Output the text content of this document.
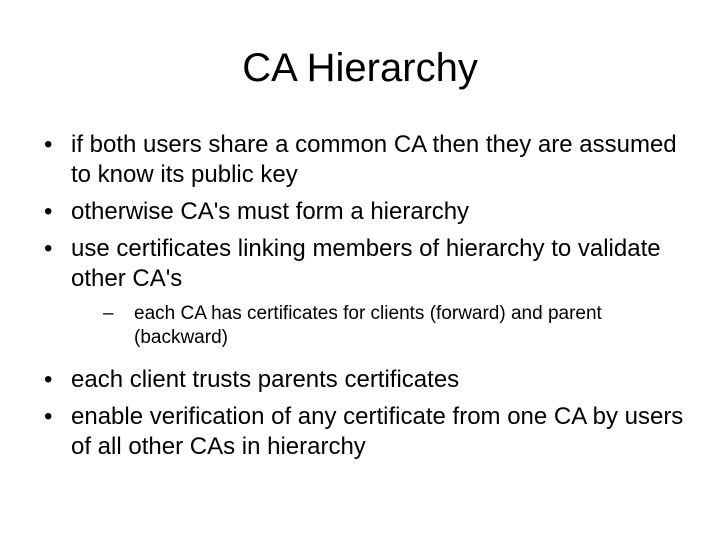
CA Hierarchy
• if both users share a common CA then they are assumed to know its public key
• otherwise CA's must form a hierarchy
• use certificates linking members of hierarchy to validate other CA's
– each CA has certificates for clients (forward) and parent (backward)
• each client trusts parents certificates
• enable verification of any certificate from one CA by users of all other CAs in hierarchy
